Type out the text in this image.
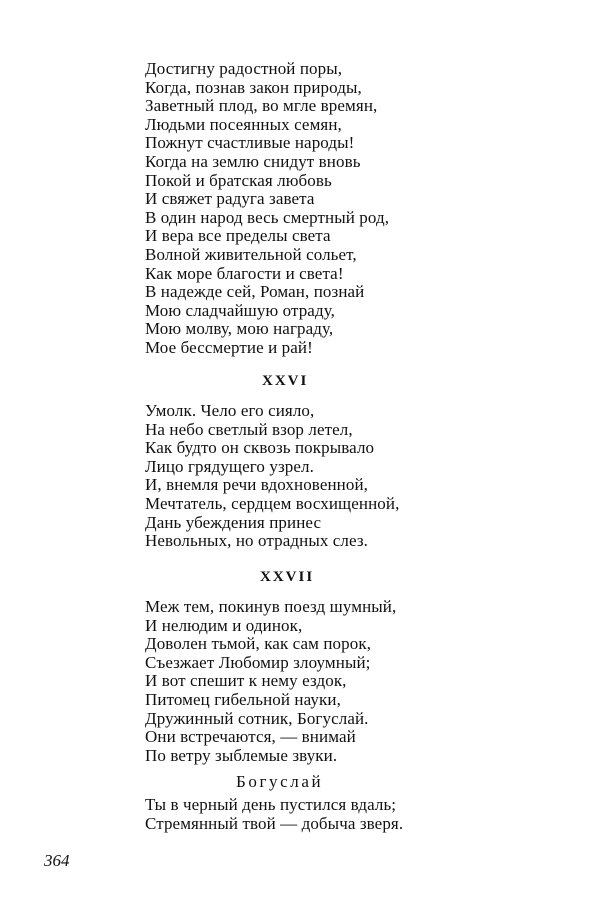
Достигну радостной поры,
Когда, познав закон природы,
Заветный плод, во мгле времян,
Людьми посеянных семян,
Пожнут счастливые народы!
Когда на землю снидут вновь
Покой и братская любовь
И свяжет радуга завета
В один народ весь смертный род,
И вера все пределы света
Волной живительной сольет,
Как море благости и света!
В надежде сей, Роман, познай
Мою сладчайшую отраду,
Мою молву, мою награду,
Мое бессмертие и рай!
XXVI
Умолк. Чело его сияло,
На небо светлый взор летел,
Как будто он сквозь покрывало
Лицо грядущего узрел.
И, внемля речи вдохновенной,
Мечтатель, сердцем восхищенной,
Дань убеждения принес
Невольных, но отрадных слез.
XXVII
Меж тем, покинув поезд шумный,
И нелюдим и одинок,
Доволен тьмой, как сам порок,
Съезжает Любомир злоумный;
И вот спешит к нему ездок,
Питомец гибельной науки,
Дружинный сотник, Богуслай.
Они встречаются, — внимай
По ветру зыблемые звуки.
Богуслай
Ты в черный день пустился вдаль;
Стремянный твой — добыча зверя.
364
